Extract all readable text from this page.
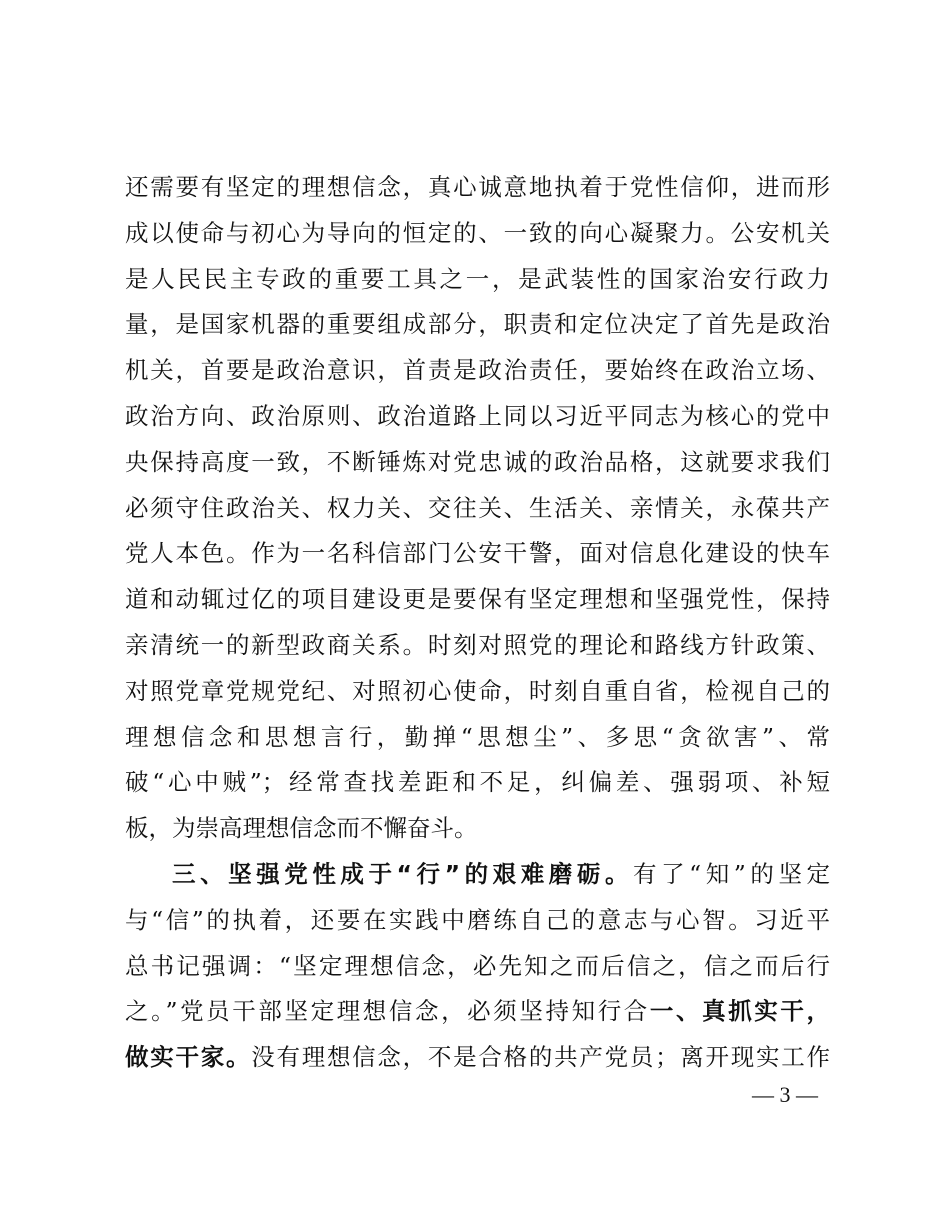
还需要有坚定的理想信念，真心诚意地执着于党性信仰，进而形
成以使命与初心为导向的恒定的、一致的向心凝聚力。公安机关
是人民民主专政的重要工具之一，是武装性的国家治安行政力
量，是国家机器的重要组成部分，职责和定位决定了首先是政治
机关，首要是政治意识，首责是政治责任，要始终在政治立场、
政治方向、政治原则、政治道路上同以习近平同志为核心的党中
央保持高度一致，不断锤炼对党忠诚的政治品格，这就要求我们
必须守住政治关、权力关、交往关、生活关、亲情关，永葆共产
党人本色。作为一名科信部门公安干警，面对信息化建设的快车
道和动辄过亿的项目建设更是要保有坚定理想和坚强党性，保持
亲清统一的新型政商关系。时刻对照党的理论和路线方针政策、
对照党章党规党纪、对照初心使命，时刻自重自省，检视自己的
理想信念和思想言行，勤掸“思想尘”、多思“贪欲害”、常
破“心中贼”；经常查找差距和不足，纠偏差、强弱项、补短
板，为崇高理想信念而不懈奋斗。
三、坚强党性成于“行”的艰难磨砺。有了“知”的坚定
与“信”的执着，还要在实践中磨练自己的意志与心智。习近平
总书记强调：“坚定理想信念，必先知之而后信之，信之而后行
之。”党员干部坚定理想信念，必须坚持知行合一、真抓实干，
做实干家。没有理想信念，不是合格的共产党员；离开现实工作
— 3 —
